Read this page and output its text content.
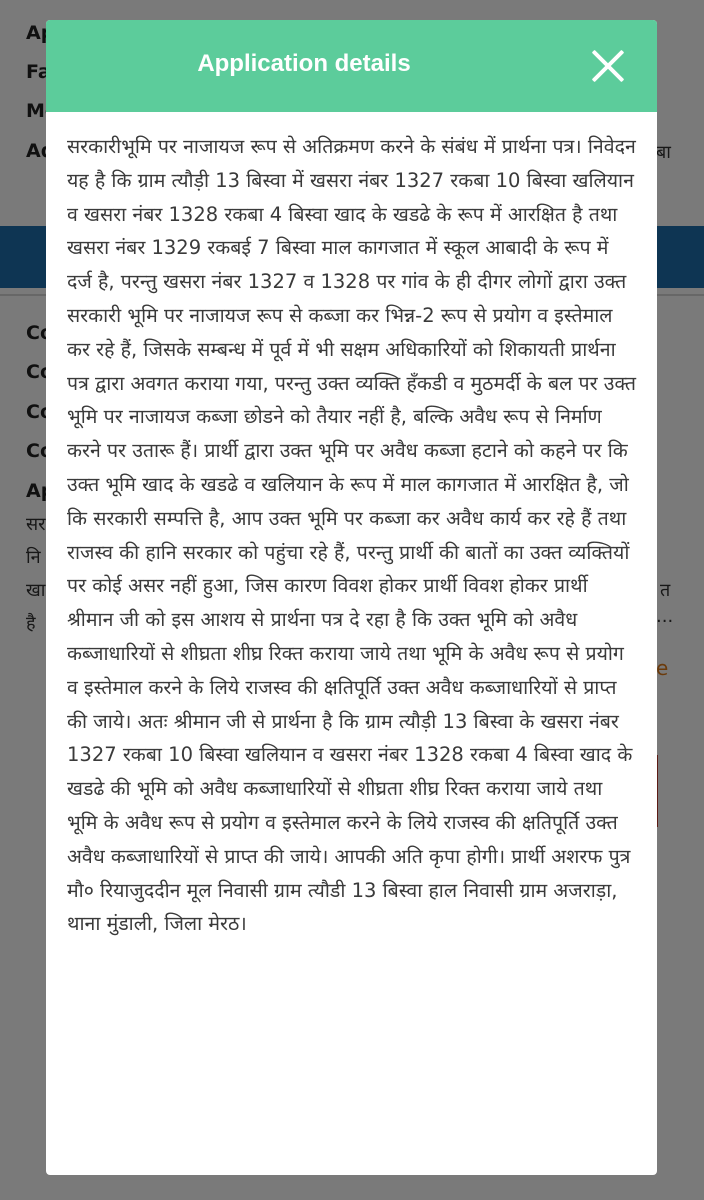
Application details
सरकारीभूमि पर नाजायज रूप से अतिक्रमण करने के संबंध में प्रार्थना पत्र। निवेदन यह है कि ग्राम त्यौड़ी 13 बिस्वा में खसरा नंबर 1327 रकबा 10 बिस्वा खलियान व खसरा नंबर 1328 रकबा 4 बिस्वा खाद के खडढे के रूप में आरक्षित है तथा खसरा नंबर 1329 रकबई 7 बिस्वा माल कागजात में स्कूल आबादी के रूप में दर्ज है, परन्तु खसरा नंबर 1327 व 1328 पर गांव के ही दीगर लोगों द्वारा उक्त सरकारी भूमि पर नाजायज रूप से कब्जा कर भिन्न-2 रूप से प्रयोग व इस्तेमाल कर रहे हैं, जिसके सम्बन्ध में पूर्व में भी सक्षम अधिकारियों को शिकायती प्रार्थना पत्र द्वारा अवगत कराया गया, परन्तु उक्त व्यक्ति हँकडी व मुठमर्दी के बल पर उक्त भूमि पर नाजायज कब्जा छोडने को तैयार नहीं है, बल्कि अवैध रूप से निर्माण करने पर उतारू हैं। प्रार्थी द्वारा उक्त भूमि पर अवैध कब्जा हटाने को कहने पर कि उक्त भूमि खाद के खडढे व खलियान के रूप में माल कागजात में आरक्षित है, जो कि सरकारी सम्पत्ति है, आप उक्त भूमि पर कब्जा कर अवैध कार्य कर रहे हैं तथा राजस्व की हानि सरकार को पहुंचा रहे हैं, परन्तु प्रार्थी की बातों का उक्त व्यक्तियों पर कोई असर नहीं हुआ, जिस कारण विवश होकर प्रार्थी विवश होकर प्रार्थी श्रीमान जी को इस आशय से प्रार्थना पत्र दे रहा है कि उक्त भूमि को अवैध कब्जाधारियों से शीघ्रता शीघ्र रिक्त कराया जाये तथा भूमि के अवैध रूप से प्रयोग व इस्तेमाल करने के लिये राजस्व की क्षतिपूर्ति उक्त अवैध कब्जाधारियों से प्राप्त की जाये। अतः श्रीमान जी से प्रार्थना है कि ग्राम त्यौड़ी 13 बिस्वा के खसरा नंबर 1327 रकबा 10 बिस्वा खलियान व खसरा नंबर 1328 रकबा 4 बिस्वा खाद के खडढे की भूमि को अवैध कब्जाधारियों से शीघ्रता शीघ्र रिक्त कराया जाये तथा भूमि के अवैध रूप से प्रयोग व इस्तेमाल करने के लिये राजस्व की क्षतिपूर्ति उक्त अवैध कब्जाधारियों से प्राप्त की जाये। आपकी अति कृपा होगी। प्रार्थी अशरफ पुत्र मौ० रियाजुददीन मूल निवासी ग्राम त्यौडी 13 बिस्वा हाल निवासी ग्राम अजराड़ा, थाना मुंडाली, जिला मेरठ।
